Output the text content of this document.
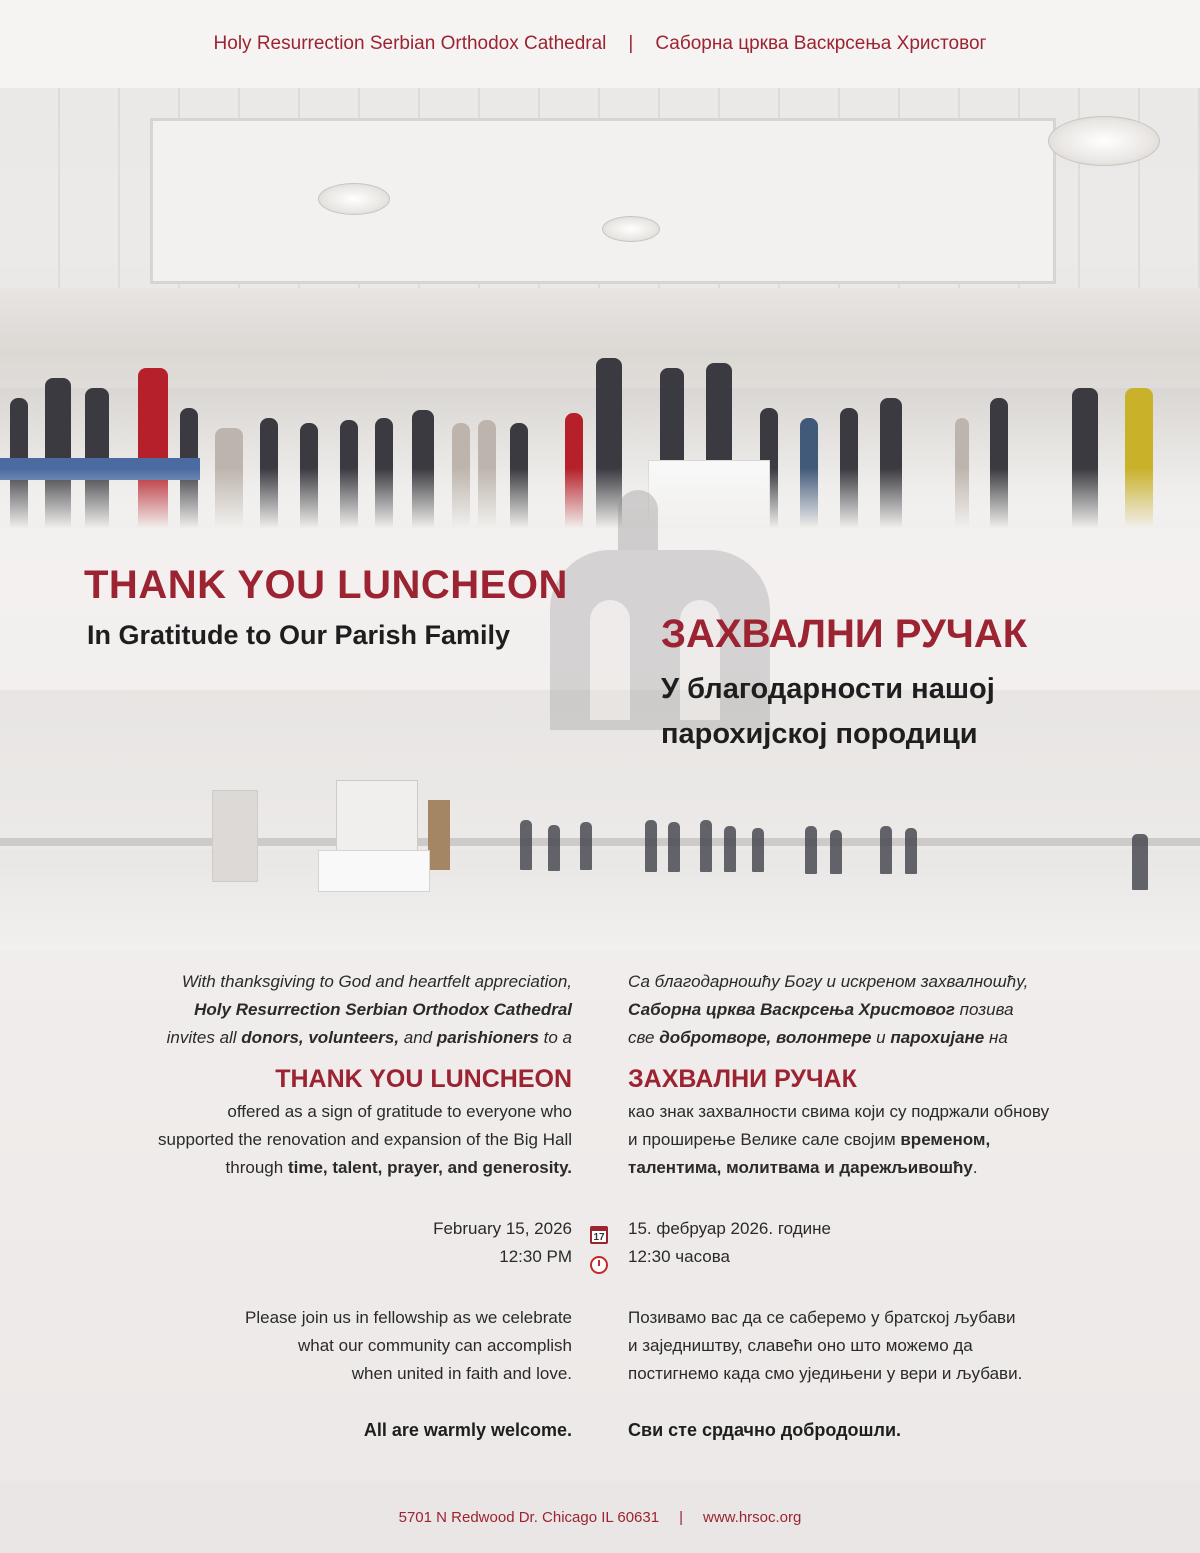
Holy Resurrection Serbian Orthodox Cathedral | Саборна црква Васкрсења Христовог
THANK YOU LUNCHEON
In Gratitude to Our Parish Family	ЗАХВАЛНИ РУЧАК
У благодарности нашој
парохијској породици
With thanksgiving to God and heartfelt appreciation,
Holy Resurrection Serbian Orthodox Cathedral
invites all donors, volunteers, and parishioners to a
Са благодарношћу Богу и искреном захвалношћу,
Саборна црква Васкрсења Христовог позива
све добротворе, волонтере и парохијане на
THANK YOU LUNCHEON ЗАХВАЛНИ РУЧАК
offered as a sign of gratitude to everyone who
supported the renovation and expansion of the Big Hall
through time, talent, prayer, and generosity.
као знак захвалности свима који су подржали обнову
и проширење Велике сале својим временом,
талентима, молитвама и дарежљивошћу.
February 15, 2026
12:30 PM
17 15. фебруар 2026. године
12:30 часова
Please join us in fellowship as we celebrate
what our community can accomplish
when united in faith and love.
Позивамо вас да се саберемо у братској љубави
и заједништву, славећи оно што можемо да
постигнемо када смо уједињени у вери и љубави.
All are warmly welcome.	Сви сте срдачно добродошли.
5701 N Redwood Dr. Chicago IL 60631 | www.hrsoc.org
